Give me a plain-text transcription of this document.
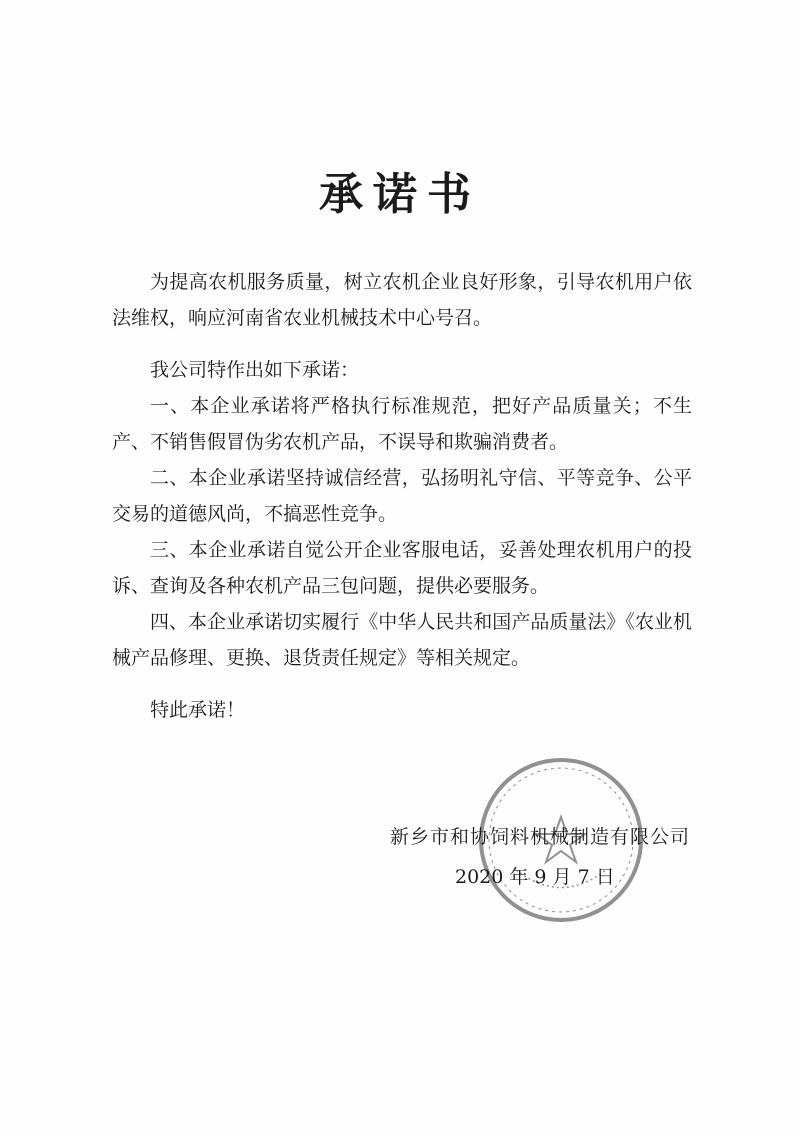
承诺书

为提高农机服务质量，树立农机企业良好形象，引导农机用户依法维权，响应河南省农业机械技术中心号召。

我公司特作出如下承诺：

一、本企业承诺将严格执行标准规范，把好产品质量关；不生产、不销售假冒伪劣农机产品，不误导和欺骗消费者。

二、本企业承诺坚持诚信经营，弘扬明礼守信、平等竞争、公平交易的道德风尚，不搞恶性竞争。

三、本企业承诺自觉公开企业客服电话，妥善处理农机用户的投诉、查询及各种农机产品三包问题，提供必要服务。

四、本企业承诺切实履行《中华人民共和国产品质量法》《农业机械产品修理、更换、退货责任规定》等相关规定。

特此承诺！

新乡市和协饲料机械制造有限公司

2020 年 9 月 7 日
